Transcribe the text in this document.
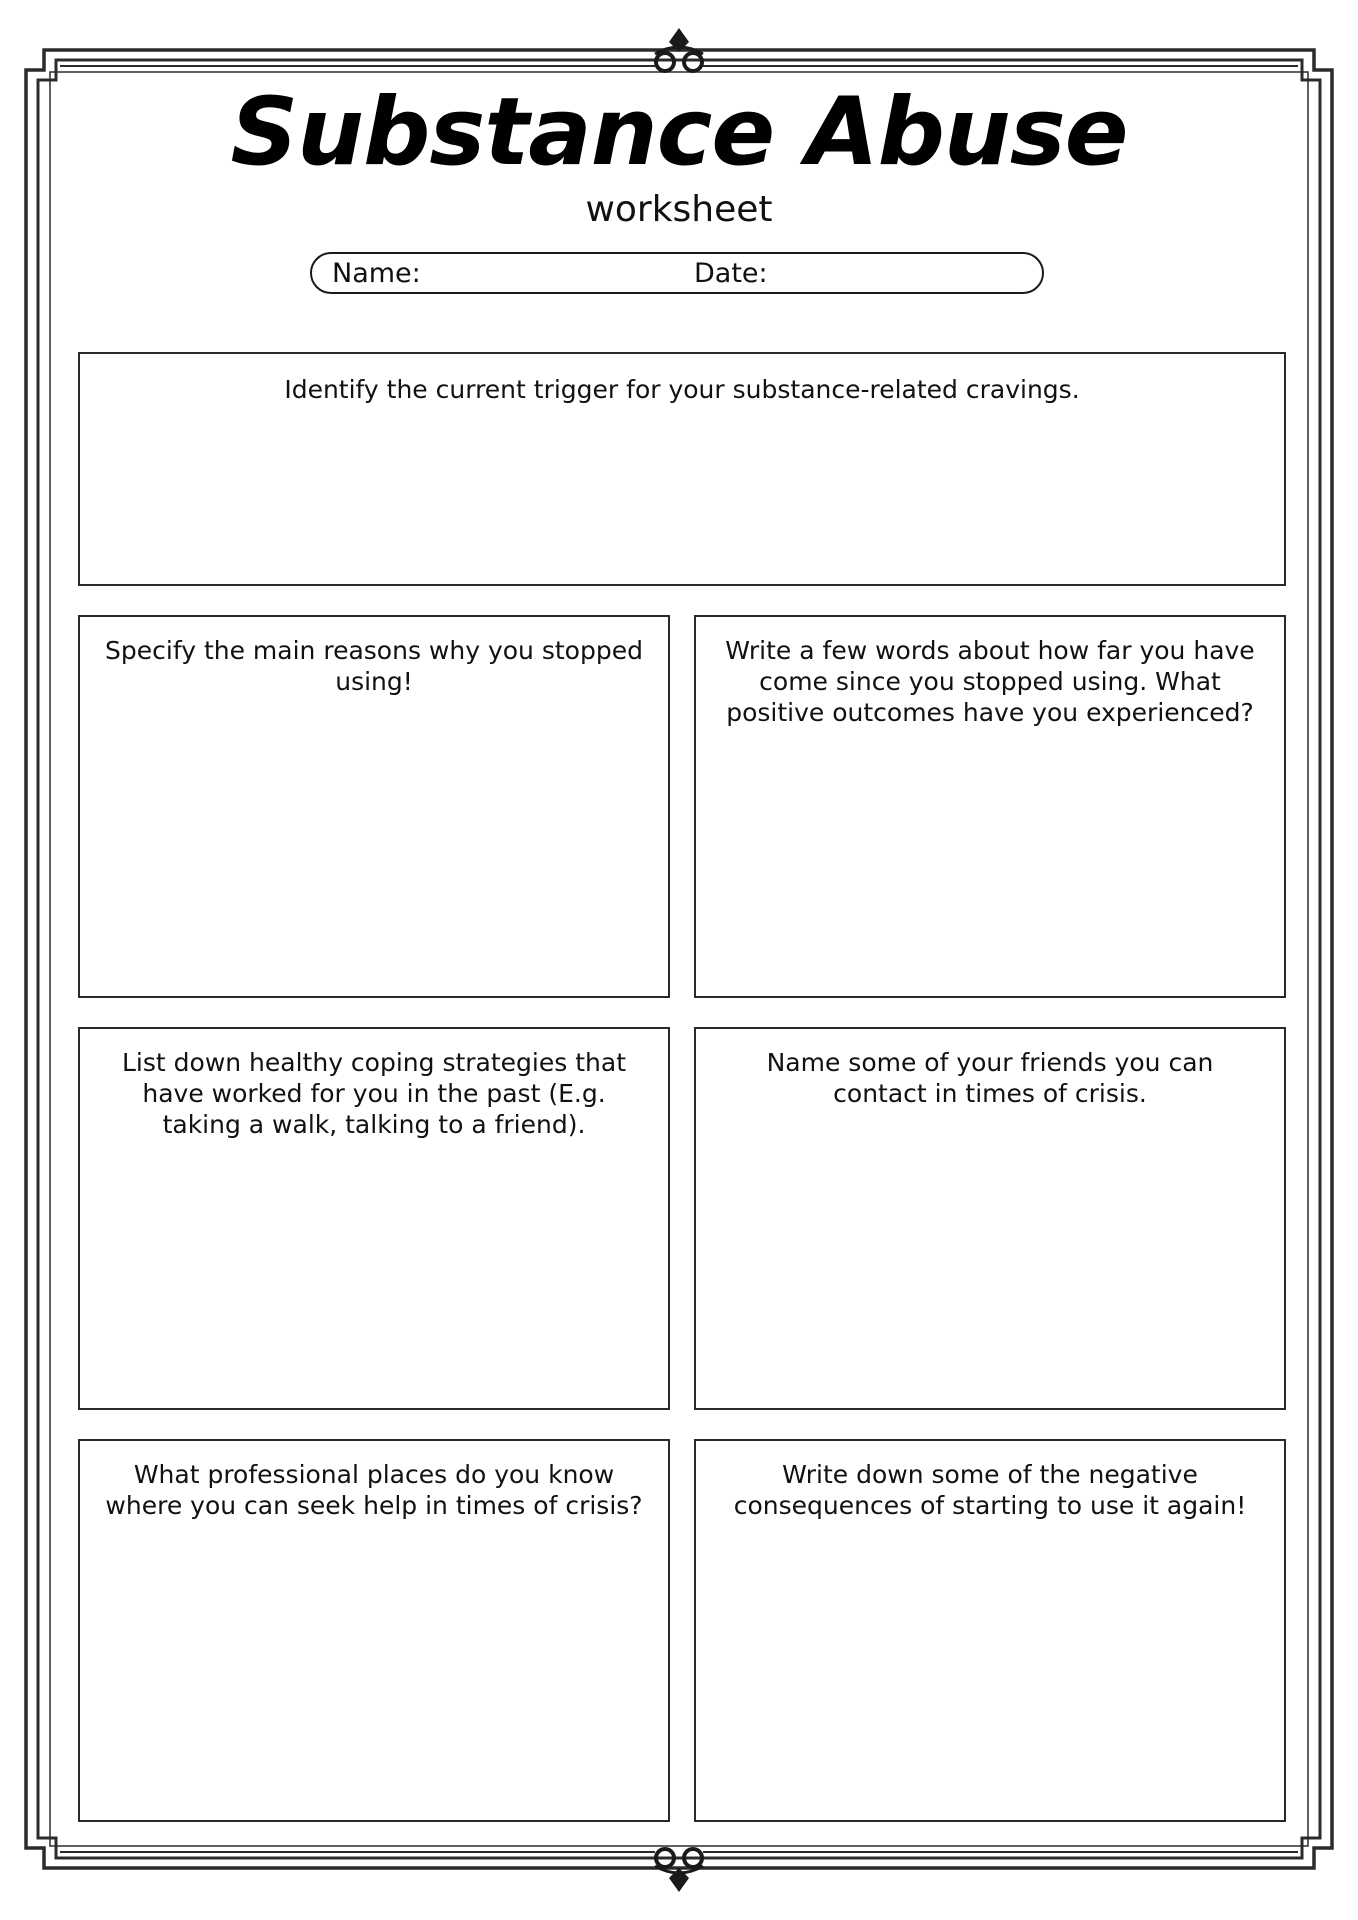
Substance Abuse
worksheet
Name:	Date:
Identify the current trigger for your substance-related cravings.
Specify the main reasons why you stopped using!
Write a few words about how far you have come since you stopped using. What positive outcomes have you experienced?
List down healthy coping strategies that have worked for you in the past (E.g. taking a walk, talking to a friend).
Name some of your friends you can contact in times of crisis.
What professional places do you know where you can seek help in times of crisis?
Write down some of the negative consequences of starting to use it again!
